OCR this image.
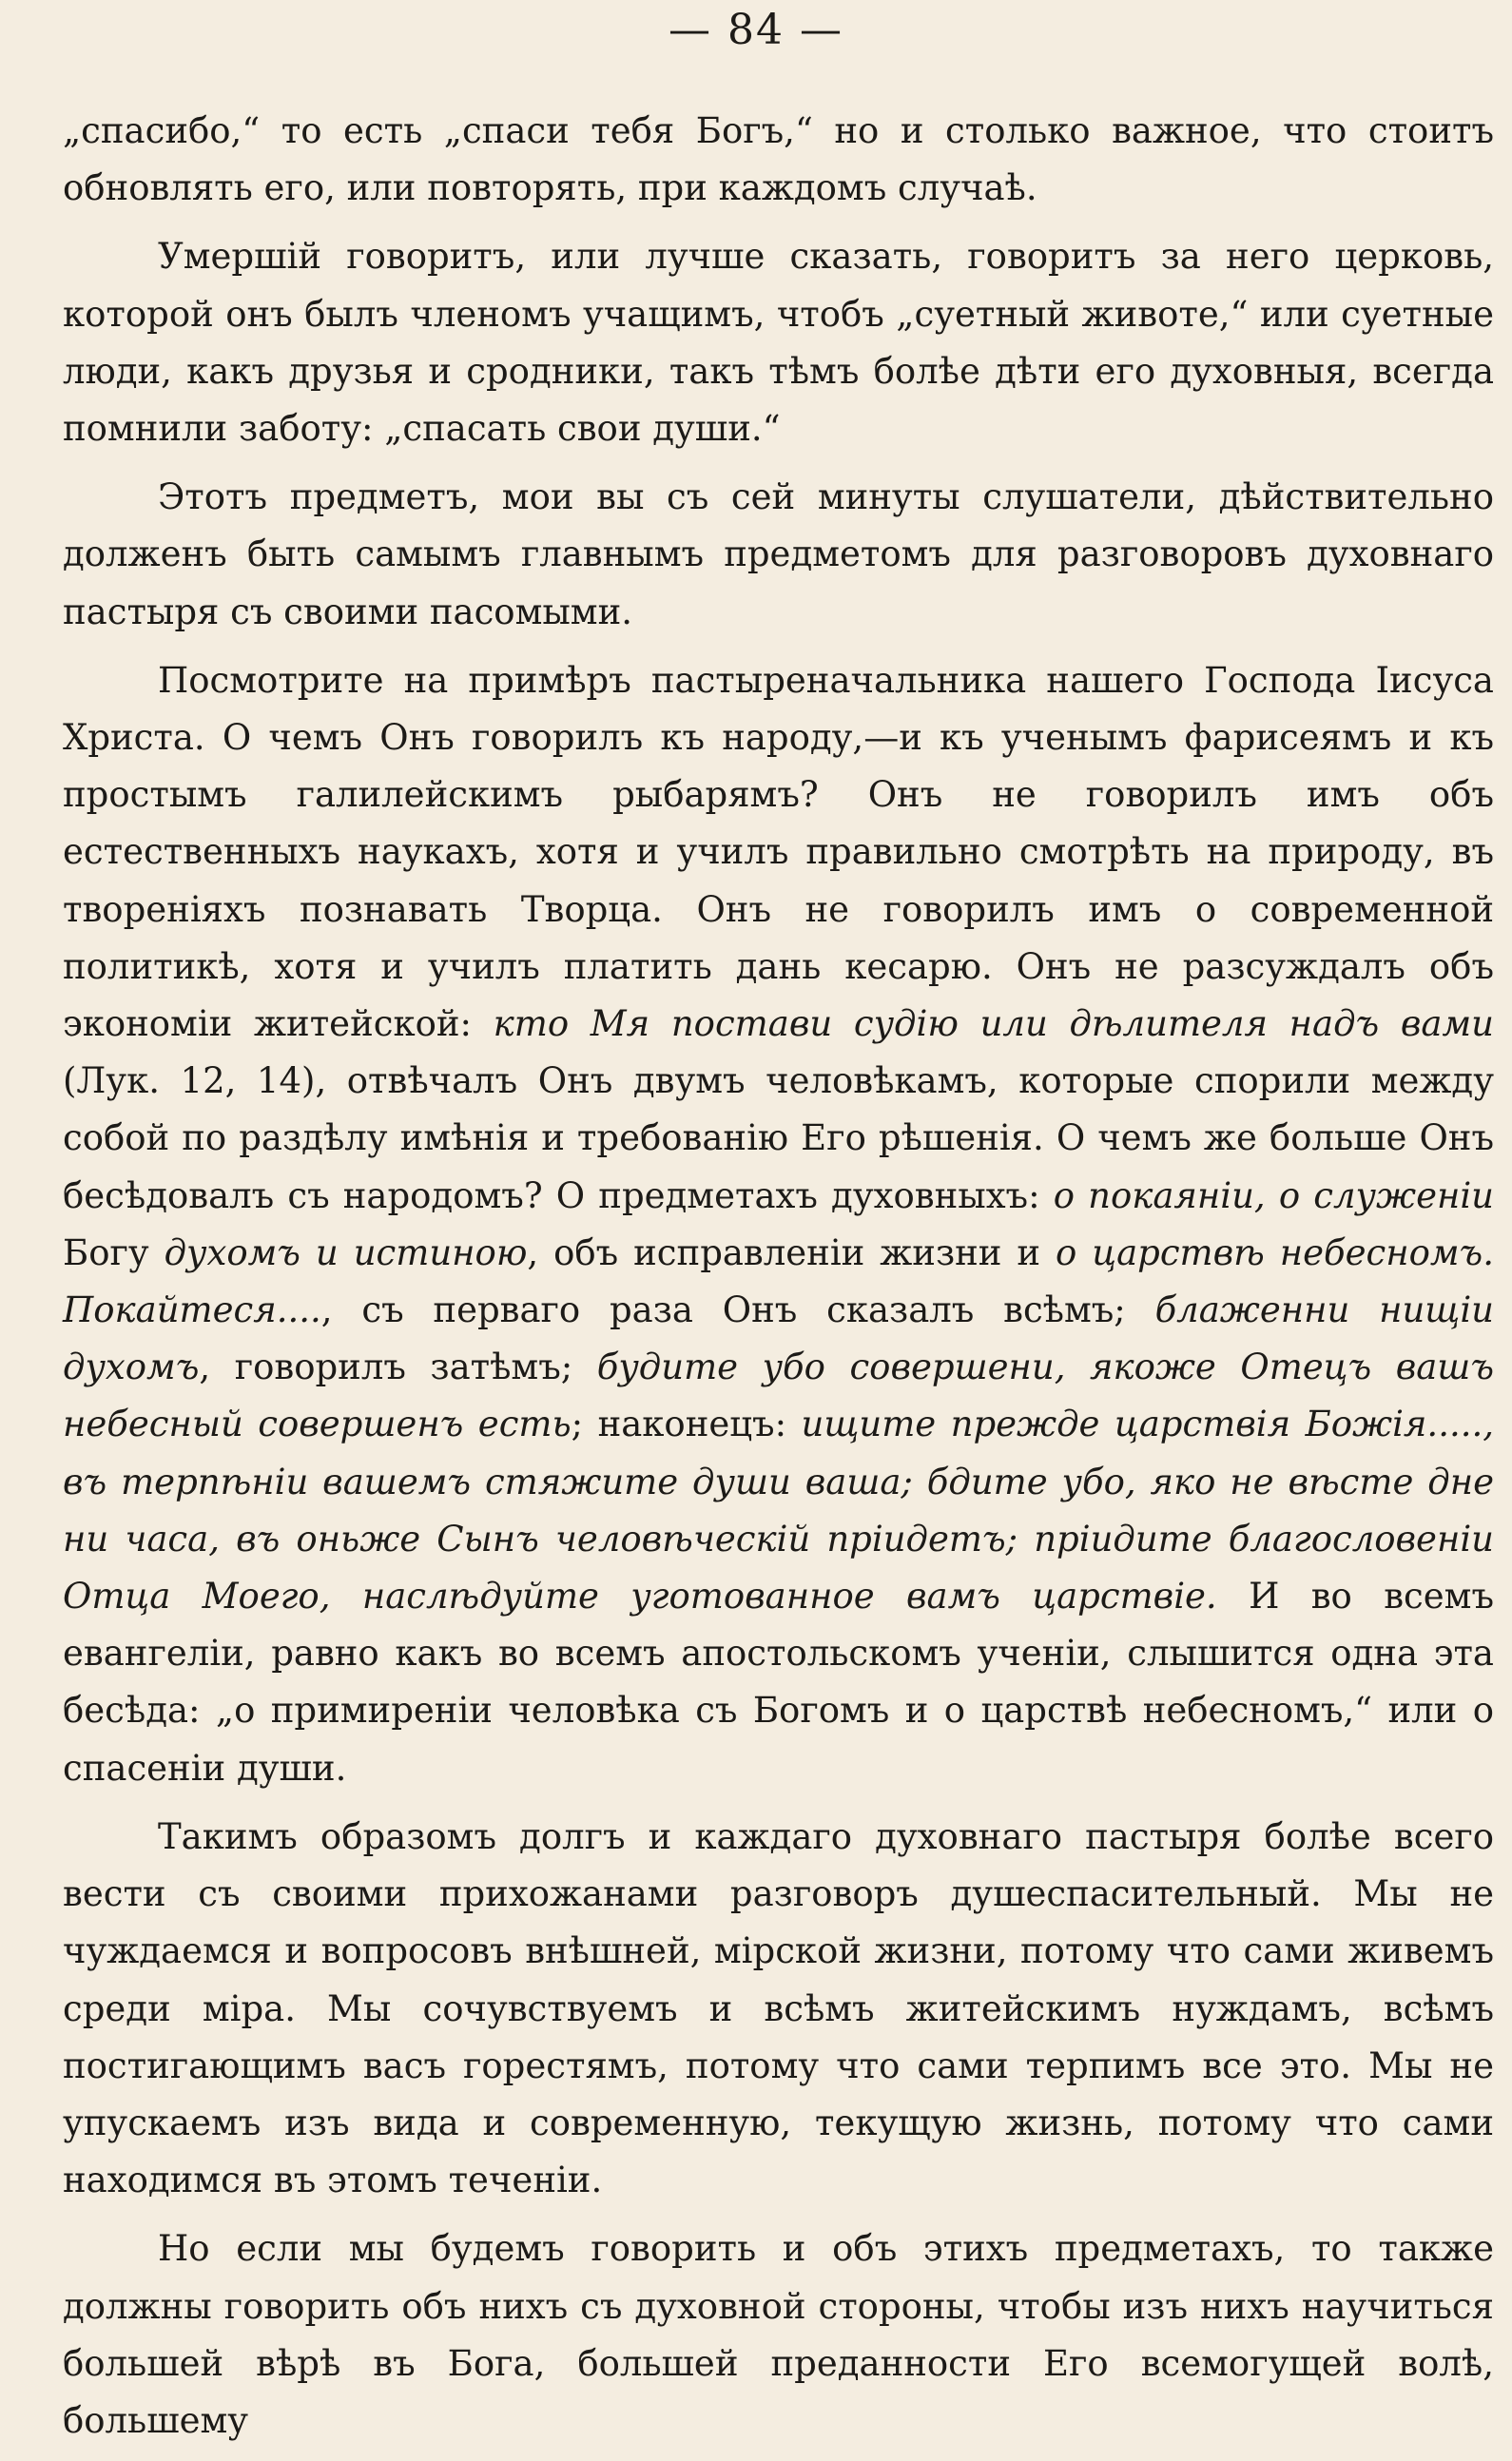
— 84 —

„спасибо,“ то есть „спаси тебя Богъ,“ но и столько важное, что стоитъ обновлять его, или повторять, при каждомъ случаѣ.

Умершій говоритъ, или лучше сказать, говоритъ за него церковь, которой онъ былъ членомъ учащимъ, чтобъ „суетный животе,“ или суетные люди, какъ друзья и сродники, такъ тѣмъ болѣе дѣти его духовныя, всегда помнили заботу: „спасать свои души.“

Этотъ предметъ, мои вы съ сей минуты слушатели, дѣйствительно долженъ быть самымъ главнымъ предметомъ для разговоровъ духовнаго пастыря съ своими пасомыми.

Посмотрите на примѣръ пастыреначальника нашего Господа Іисуса Христа. О чемъ Онъ говорилъ къ народу,—и къ ученымъ фарисеямъ и къ простымъ галилейскимъ рыбарямъ? Онъ не говорилъ имъ объ естественныхъ наукахъ, хотя и училъ правильно смотрѣть на природу, въ твореніяхъ познавать Творца. Онъ не говорилъ имъ о современной политикѣ, хотя и училъ платить дань кесарю. Онъ не разсуждалъ объ экономіи житейской: кто Мя постави судію или дѣлителя надъ вами (Лук. 12, 14), отвѣчалъ Онъ двумъ человѣкамъ, которые спорили между собой по раздѣлу имѣнія и требованію Его рѣшенія. О чемъ же больше Онъ бесѣдовалъ съ народомъ? О предметахъ духовныхъ: о покаяніи, о служеніи Богу духомъ и истиною, объ исправленіи жизни и о царствѣ небесномъ. Покайтеся...., съ перваго раза Онъ сказалъ всѣмъ; блаженни нищіи духомъ, говорилъ затѣмъ; будите убо совершени, якоже Отецъ вашъ небесный совершенъ есть; наконецъ: ищите прежде царствія Божія....., въ терпѣніи вашемъ стяжите души ваша; бдите убо, яко не вѣсте дне ни часа, въ оньже Сынъ человѣческій пріидетъ; пріидите благословеніи Отца Моего, наслѣдуйте уготованное вамъ царствіе. И во всемъ евангеліи, равно какъ во всемъ апостольскомъ ученіи, слышится одна эта бесѣда: „о примиреніи человѣка съ Богомъ и о царствѣ небесномъ,“ или о спасеніи души.

Такимъ образомъ долгъ и каждаго духовнаго пастыря болѣе всего вести съ своими прихожанами разговоръ душеспасительный. Мы не чуждаемся и вопросовъ внѣшней, мірской жизни, потому что сами живемъ среди міра. Мы сочувствуемъ и всѣмъ житейскимъ нуждамъ, всѣмъ постигающимъ васъ горестямъ, потому что сами терпимъ все это. Мы не упускаемъ изъ вида и современную, текущую жизнь, потому что сами находимся въ этомъ теченіи.

Но если мы будемъ говорить и объ этихъ предметахъ, то также должны говорить объ нихъ съ духовной стороны, чтобы изъ нихъ научиться большей вѣрѣ въ Бога, большей преданности Его всемогущей волѣ, большему
